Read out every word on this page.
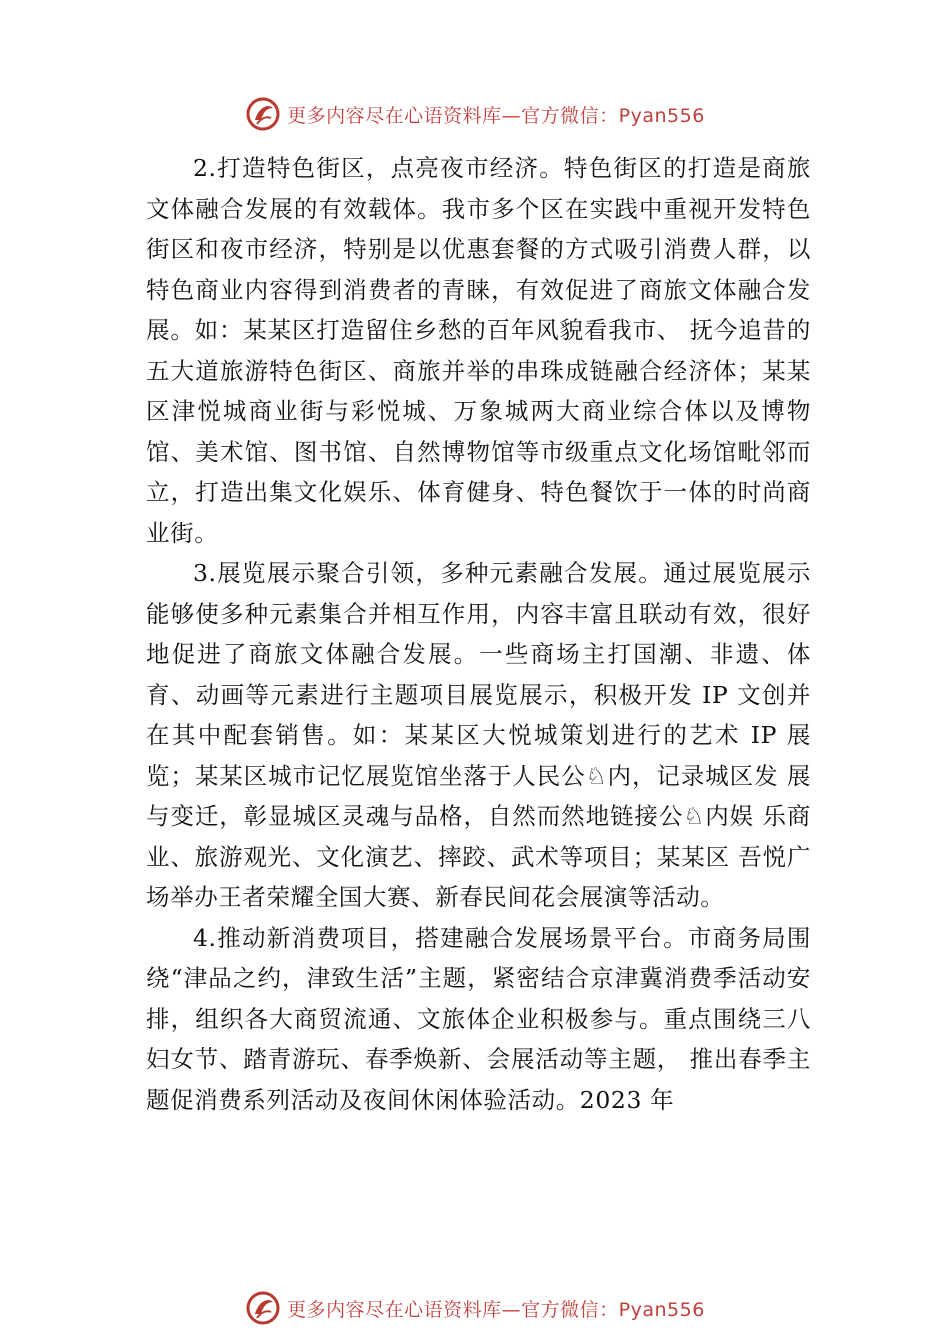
更多内容尽在心语资料库—官方微信：Pyan556

2.打造特色街区，点亮夜市经济。特色街区的打造是商旅文体融合发展的有效载体。我市多个区在实践中重视开发特色街区和夜市经济，特别是以优惠套餐的方式吸引消费人群，以特色商业内容得到消费者的青睐，有效促进了商旅文体融合发展。如：某某区打造留住乡愁的百年风貌看我市、 抚今追昔的五大道旅游特色街区、商旅并举的串珠成链融合经济体；某某区津悦城商业街与彩悦城、万象城两大商业综合体以及博物馆、美术馆、图书馆、自然博物馆等市级重点文化场馆毗邻而立，打造出集文化娱乐、体育健身、特色餐饮于一体的时尚商业街。

3.展览展示聚合引领，多种元素融合发展。通过展览展示能够使多种元素集合并相互作用，内容丰富且联动有效，很好地促进了商旅文体融合发展。一些商场主打国潮、非遗、体育、动画等元素进行主题项目展览展示，积极开发 IP 文创并在其中配套销售。如：某某区大悦城策划进行的艺术 IP 展览；某某区城市记忆展览馆坐落于人民公♘内，记录城区发 展与变迁，彰显城区灵魂与品格，自然而然地链接公♘内娱 乐商业、旅游观光、文化演艺、摔跤、武术等项目；某某区 吾悦广场举办王者荣耀全国大赛、新春民间花会展演等活动。

4.推动新消费项目，搭建融合发展场景平台。市商务局围绕“津品之约，津致生活”主题，紧密结合京津冀消费季活动安排，组织各大商贸流通、文旅体企业积极参与。重点围绕三八妇女节、踏青游玩、春季焕新、会展活动等主题， 推出春季主题促消费系列活动及夜间休闲体验活动。2023 年

更多内容尽在心语资料库—官方微信：Pyan556
